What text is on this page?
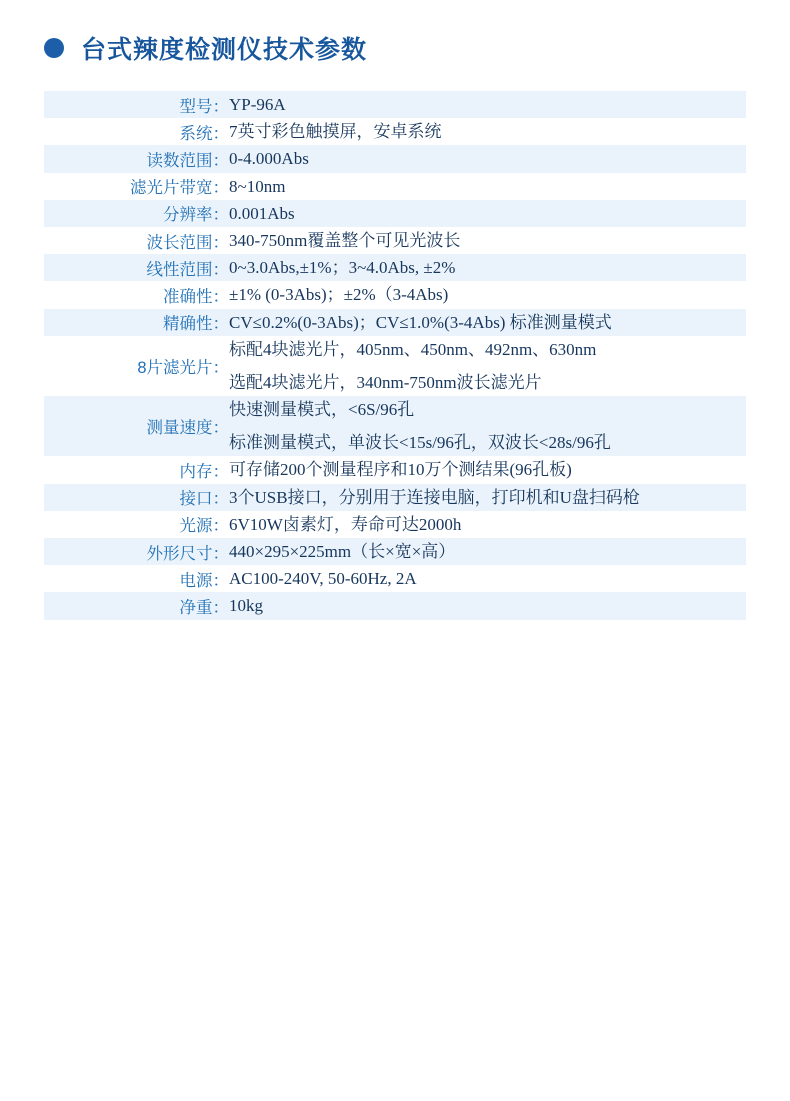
台式辣度检测仪技术参数
型号：	YP-96A

系统：	7英寸彩色触摸屏，安卓系统

读数范围：	0-4.000Abs

滤光片带宽：	8~10nm

分辨率：	0.001Abs

波长范围：	340-750nm覆盖整个可见光波长

线性范围：	0~3.0Abs,±1%；3~4.0Abs, ±2%

准确性：	±1% (0-3Abs)；±2%（3-4Abs)

精确性：	CV≤0.2%(0-3Abs)；CV≤1.0%(3-4Abs) 标准测量模式

8片滤光片：	标配4块滤光片，405nm、450nm、492nm、630nm
选配4块滤光片，340nm-750nm波长滤光片

测量速度：	快速测量模式，<6S/96孔
标准测量模式，单波长<15s/96孔，双波长<28s/96孔

内存：	可存储200个测量程序和10万个测结果(96孔板)

接口：	3个USB接口，分别用于连接电脑，打印机和U盘扫码枪

光源：	6V10W卤素灯，寿命可达2000h

外形尺寸：	440×295×225mm（长×宽×高）

电源：	AC100-240V, 50-60Hz, 2A

净重：	10kg
